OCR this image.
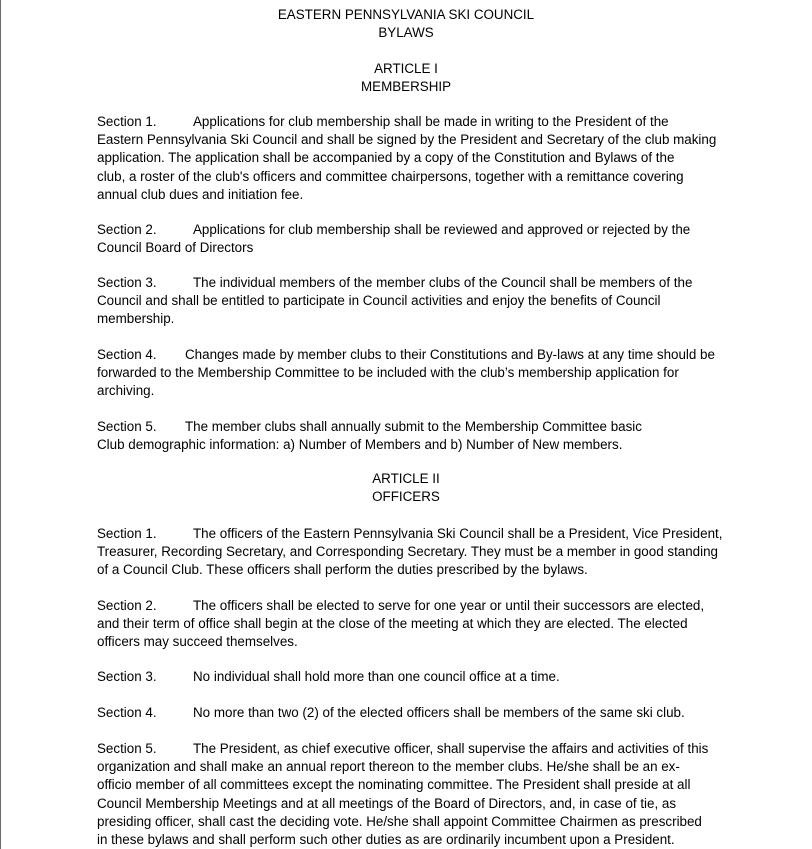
EASTERN PENNSYLVANIA SKI COUNCIL
BYLAWS
ARTICLE I
MEMBERSHIP
Section 1.	Applications for club membership shall be made in writing to the President of the
Eastern Pennsylvania Ski Council and shall be signed by the President and Secretary of the club making
application. The application shall be accompanied by a copy of the Constitution and Bylaws of the
club, a roster of the club's officers and committee chairpersons, together with a remittance covering
annual club dues and initiation fee.
Section 2.	Applications for club membership shall be reviewed and approved or rejected by the
Council Board of Directors
Section 3.	The individual members of the member clubs of the Council shall be members of the
Council and shall be entitled to participate in Council activities and enjoy the benefits of Council
membership.
Section 4. Changes made by member clubs to their Constitutions and By-laws at any time should be
forwarded to the Membership Committee to be included with the club’s membership application for
archiving.
Section 5. The member clubs shall annually submit to the Membership Committee basic
Club demographic information: a) Number of Members and b) Number of New members.
ARTICLE II
OFFICERS
Section 1.	The officers of the Eastern Pennsylvania Ski Council shall be a President, Vice President,
Treasurer, Recording Secretary, and Corresponding Secretary. They must be a member in good standing
of a Council Club. These officers shall perform the duties prescribed by the bylaws.
Section 2.	The officers shall be elected to serve for one year or until their successors are elected,
and their term of office shall begin at the close of the meeting at which they are elected. The elected
officers may succeed themselves.
Section 3.	No individual shall hold more than one council office at a time.
Section 4.	No more than two (2) of the elected officers shall be members of the same ski club.
Section 5.	The President, as chief executive officer, shall supervise the affairs and activities of this
organization and shall make an annual report thereon to the member clubs. He/she shall be an ex-
officio member of all committees except the nominating committee. The President shall preside at all
Council Membership Meetings and at all meetings of the Board of Directors, and, in case of tie, as
presiding officer, shall cast the deciding vote. He/she shall appoint Committee Chairmen as prescribed
in these bylaws and shall perform such other duties as are ordinarily incumbent upon a President.
